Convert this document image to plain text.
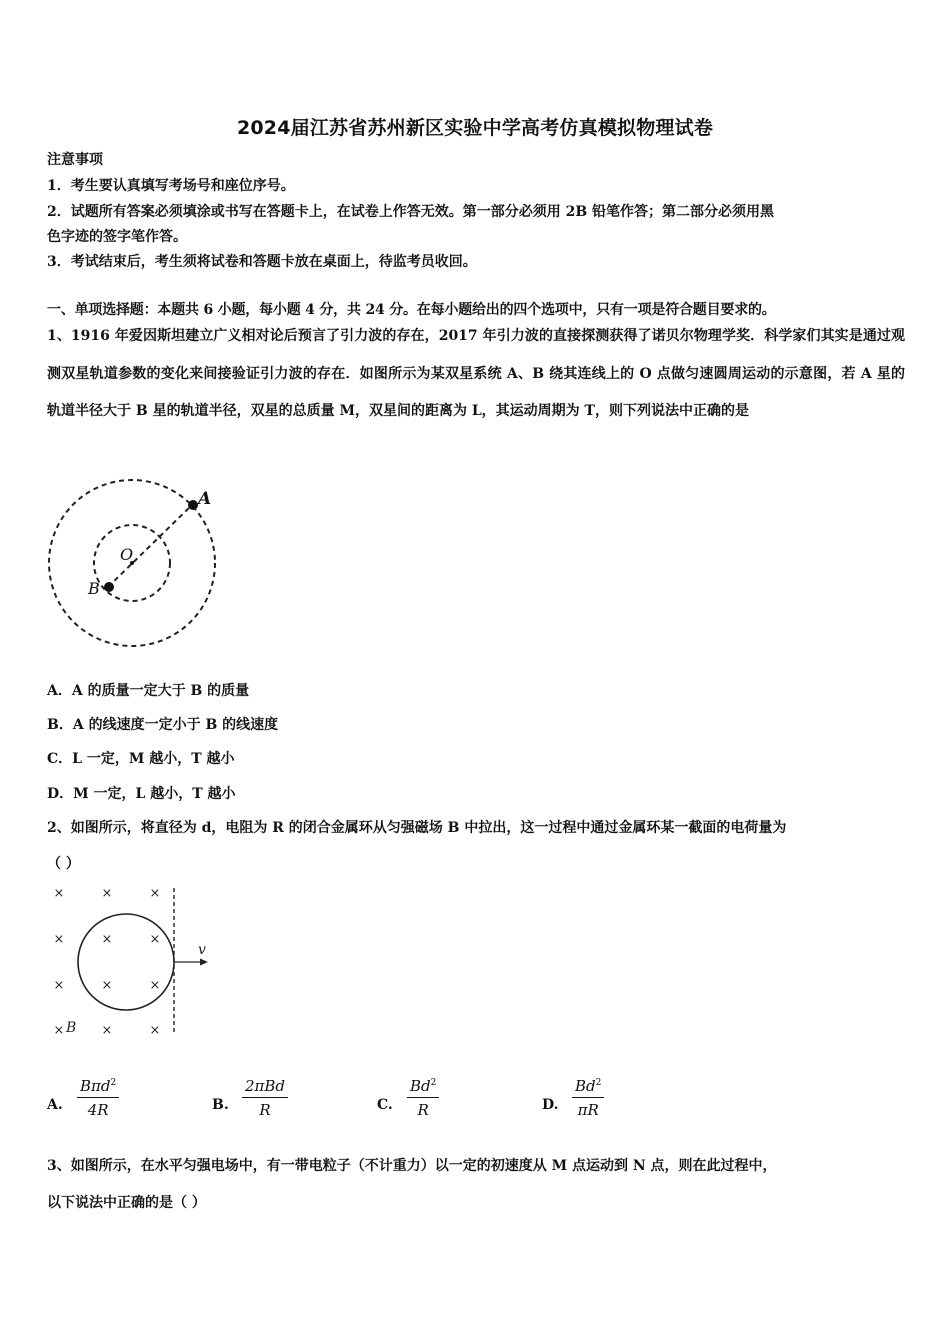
2024届江苏省苏州新区实验中学高考仿真模拟物理试卷
注意事项
1．考生要认真填写考场号和座位序号。
2．试题所有答案必须填涂或书写在答题卡上，在试卷上作答无效。第一部分必须用 2B 铅笔作答；第二部分必须用黑
色字迹的签字笔作答。
3．考试结束后，考生须将试卷和答题卡放在桌面上，待监考员收回。
一、单项选择题：本题共 6 小题，每小题 4 分，共 24 分。在每小题给出的四个选项中，只有一项是符合题目要求的。
1、1916 年爱因斯坦建立广义相对论后预言了引力波的存在，2017 年引力波的直接探测获得了诺贝尔物理学奖．科学家们其实是通过观测双星轨道参数的变化来间接验证引力波的存在．如图所示为某双星系统 A、B 绕其连线上的 O 点做匀速圆周运动的示意图，若 A 星的轨道半径大于 B 星的轨道半径，双星的总质量 M，双星间的距离为 L，其运动周期为 T，则下列说法中正确的是
A
O
B
A．A 的质量一定大于 B 的质量
B．A 的线速度一定小于 B 的线速度
C．L 一定，M 越小，T 越小
D．M 一定，L 越小，T 越小
2、如图所示，将直径为 d，电阻为 R 的闭合金属环从匀强磁场 B 中拉出，这一过程中通过金属环某一截面的电荷量为
（ ）
×	×	×
×	×	×
×	×	×
×	×	×
v
B
A.
Bπd$^2$
4R	B.
2πBd
R	C. $\frac{Bd^2}{R}$	D. $\frac{Bd^2}{\pi R}$
3、如图所示，在水平匀强电场中，有一带电粒子（不计重力）以一定的初速度从 M 点运动到 N 点，则在此过程中，
以下说法中正确的是（ ）
